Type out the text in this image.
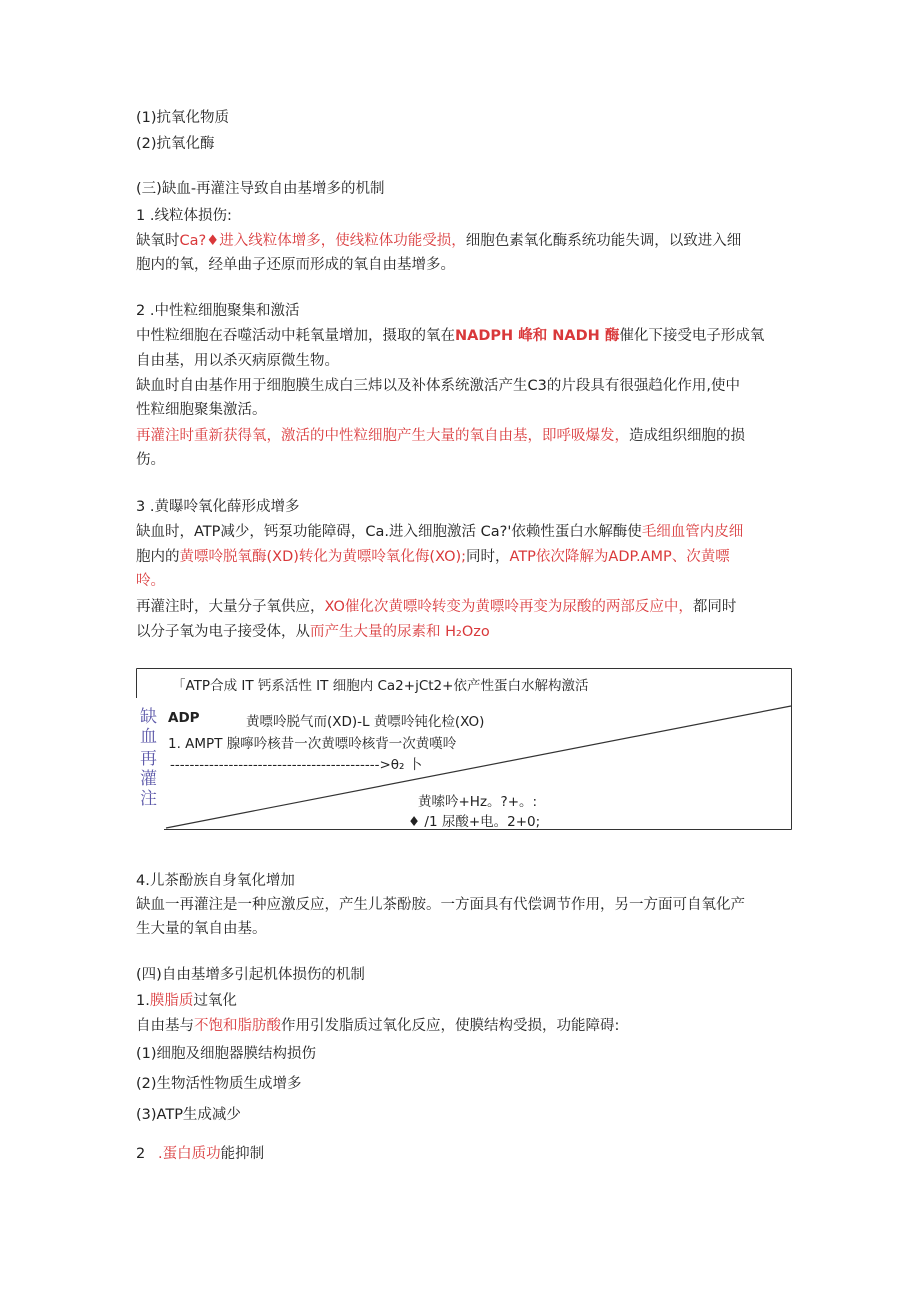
(1)抗氧化物质
(2)抗氧化酶
(三)缺血-再灌注导致自由基增多的机制
1 .线粒体损伤:
缺氧时Ca?♦进入线粒体增多，使线粒体功能受损，细胞色素氧化酶系统功能失调，以致进入细
胞内的氧，经单曲子还原而形成的氧自由基增多。
2 .中性粒细胞聚集和激活
中性粒细胞在吞噬活动中耗氧量增加，摄取的氧在NADPH 峰和 NADH 酶催化下接受电子形成氧
自由基，用以杀灭病原微生物。
缺血时自由基作用于细胞膜生成白三炜以及补体系统激活产生C3的片段具有很强趋化作用,使中
性粒细胞聚集激活。
再灌注时重新获得氧，激活的中性粒细胞产生大量的氧自由基，即呼吸爆发，造成组织细胞的损
伤。
3 .黄曝呤氧化薛形成增多
缺血时，ATP减少，钙泵功能障碍，Ca.进入细胞激活 Ca?'依赖性蛋白水解酶使毛细血管内皮细
胞内的黄嘌呤脱氧酶(XD)转化为黄嘌呤氧化侮(XO);同时，ATP依次降解为ADP.AMP、次黄嘌
呤。
再灌注时，大量分子氧供应，XO催化次黄嘌呤转变为黄嘌呤再变为尿酸的两部反应中，都同时
以分子氧为电子接受体，从而产生大量的尿素和 H₂Ozo
「ATP合成 IT 钙系活性 IT 细胞内 Ca2+jCt2+依产性蛋白水解构激活
缺
血
再
灌
注
ADP	黄嘌呤脱气而(XD)-L 黄嘌呤钝化检(XO)
1. AMPT 腺嚀吟核昔一次黄嘌呤核背一次黄嘆呤
------------------------------------------->θ₂ 卜
黄嗦吟+Hz。?+。:
♦ /1 尿酸+电。2+0;
4.儿茶酚族自身氧化增加
缺血一再灌注是一种应激反应，产生儿茶酚胺。一方面具有代偿调节作用，另一方面可自氧化产
生大量的氧自由基。
(四)自由基增多引起机体损伤的机制
1.膜脂质过氧化
自由基与不饱和脂肪酸作用引发脂质过氧化反应，使膜结构受损，功能障碍:
(1)细胞及细胞器膜结构损伤
(2)生物活性物质生成增多
(3)ATP生成减少
2 .蛋白质功能抑制
